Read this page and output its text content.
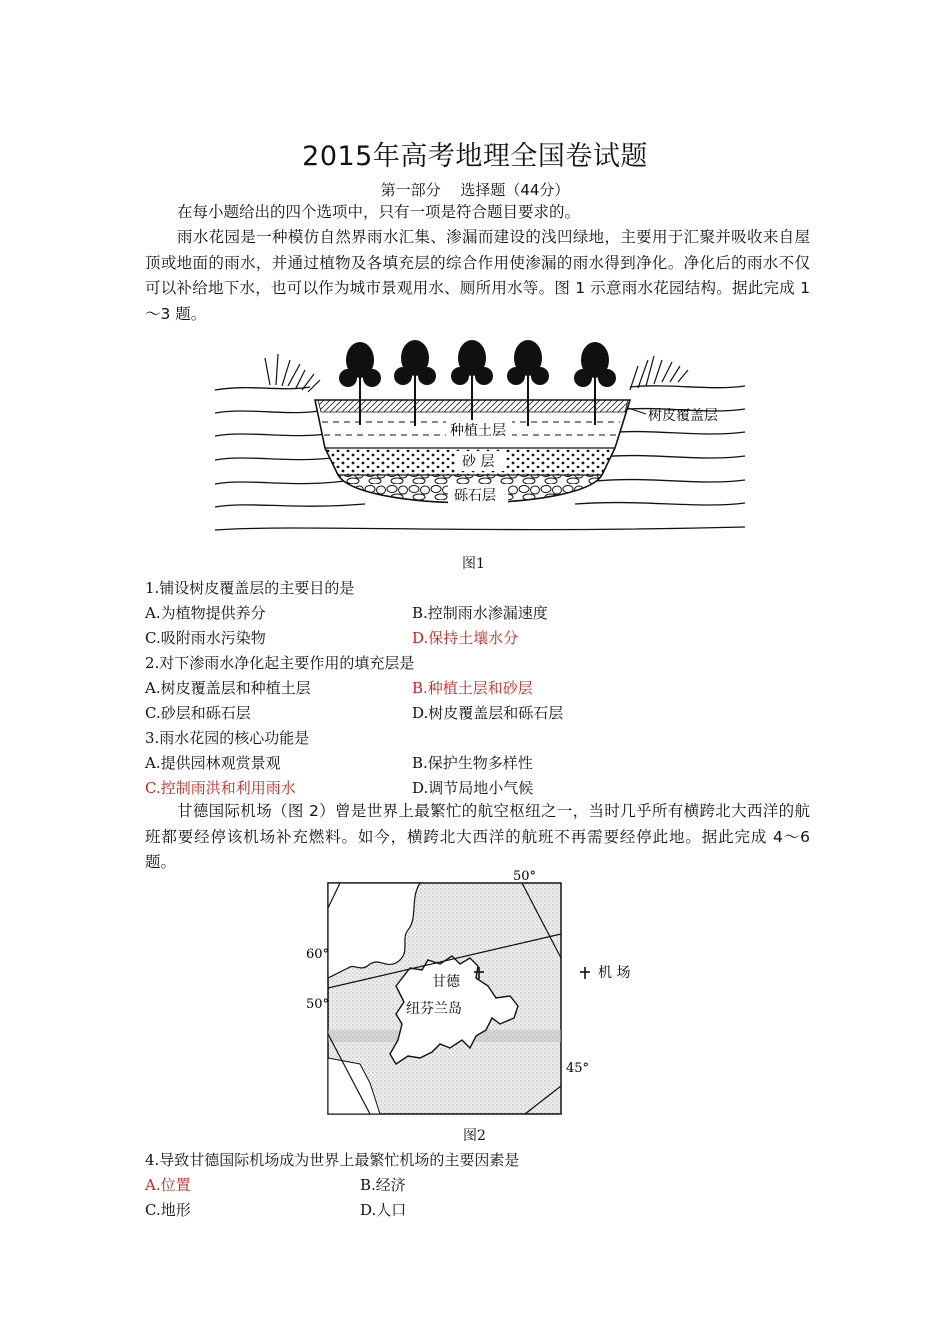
2015年高考地理全国卷试题
第一部分　 选择题（44分）
在每小题给出的四个选项中，只有一项是符合题目要求的。
雨水花园是一种模仿自然界雨水汇集、渗漏而建设的浅凹绿地，主要用于汇聚并吸收来自屋顶或地面的雨水，并通过植物及各填充层的综合作用使渗漏的雨水得到净化。净化后的雨水不仅可以补给地下水，也可以作为城市景观用水、厕所用水等。图 1 示意雨水花园结构。据此完成 1～3 题。
树皮覆盖层
种植土层
砂 层
砾石层
图1
1.铺设树皮覆盖层的主要目的是
A.为植物提供养分	B.控制雨水渗漏速度
C.吸附雨水污染物	D.保持土壤水分
2.对下渗雨水净化起主要作用的填充层是
A.树皮覆盖层和种植土层	B.种植土层和砂层
C.砂层和砾石层	D.树皮覆盖层和砾石层
3.雨水花园的核心功能是
A.提供园林观赏景观	B.保护生物多样性
C.控制雨洪和利用雨水	D.调节局地小气候
甘德国际机场（图 2）曾是世界上最繁忙的航空枢纽之一，当时几乎所有横跨北大西洋的航班都要经停该机场补充燃料。如今，横跨北大西洋的航班不再需要经停此地。据此完成 4～6 题。
50°
60°
50°
45°
甘德
纽芬兰岛
机 场
图2
4.导致甘德国际机场成为世界上最繁忙机场的主要因素是
A.位置	B.经济
C.地形	D.人口
